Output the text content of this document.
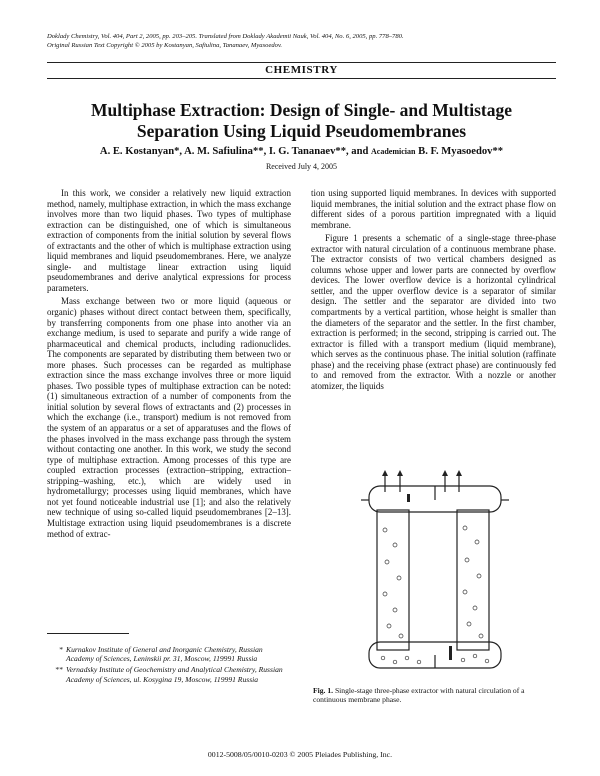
Doklady Chemistry, Vol. 404, Part 2, 2005, pp. 203–205. Translated from Doklady Akademii Nauk, Vol. 404, No. 6, 2005, pp. 778–780.
Original Russian Text Copyright © 2005 by Kostanyan, Safiulina, Tananaev, Myasoedov.
CHEMISTRY
Multiphase Extraction: Design of Single- and Multistage
Separation Using Liquid Pseudomembranes
A. E. Kostanyan*, A. M. Safiulina**, I. G. Tananaev**, and Academician B. F. Myasoedov**
Received July 4, 2005

In this work, we consider a relatively new liquid extraction method, namely, multiphase extraction, in which the mass exchange involves more than two liquid phases. Two types of multiphase extraction can be distinguished, one of which is simultaneous extraction of components from the initial solution by several flows of extractants and the other of which is multiphase extraction using liquid membranes and liquid pseudomembranes. Here, we analyze single- and multistage linear extraction using liquid pseudomembranes and derive analytical expressions for process parameters.

Mass exchange between two or more liquid (aqueous or organic) phases without direct contact between them, specifically, by transferring components from one phase into another via an exchange medium, is used to separate and purify a wide range of pharmaceutical and chemical products, including radionuclides. The components are separated by distributing them between two or more phases. Such processes can be regarded as multiphase extraction since the mass exchange involves three or more liquid phases. Two possible types of multiphase extraction can be noted: (1) simultaneous extraction of a number of components from the initial solution by several flows of extractants and (2) processes in which the exchange (i.e., transport) medium is not removed from the system of an apparatus or a set of apparatuses and the flows of the phases involved in the mass exchange pass through the system without contacting one another. In this work, we study the second type of multiphase extraction. Among processes of this type are coupled extraction processes (extraction–stripping, extraction–stripping–washing, etc.), which are widely used in hydrometallurgy; processes using liquid membranes, which have not yet found noticeable industrial use [1]; and also the relatively new technique of using so-called liquid pseudomembranes [2–13]. Multistage extraction using liquid pseudomembranes is a discrete method of extrac-

tion using supported liquid membranes. In devices with supported liquid membranes, the initial solution and the extract phase flow on different sides of a porous partition impregnated with a liquid membrane.

Figure 1 presents a schematic of a single-stage three-phase extractor with natural circulation of a continuous membrane phase. The extractor consists of two vertical chambers designed as columns whose upper and lower parts are connected by overflow devices. The lower overflow device is a horizontal cylindrical settler, and the upper overflow device is a separator of similar design. The settler and the separator are divided into two compartments by a vertical partition, whose height is smaller than the diameters of the separator and the settler. In the first chamber, extraction is performed; in the second, stripping is carried out. The extractor is filled with a transport medium (liquid membrane), which serves as the continuous phase. The initial solution (raffinate phase) and the receiving phase (extract phase) are continuously fed to and removed from the extractor. With a nozzle or another atomizer, the liquids

* Kurnakov Institute of General and Inorganic Chemistry, Russian Academy of Sciences, Leninskii pr. 31, Moscow, 119991 Russia
** Vernadsky Institute of Geochemistry and Analytical Chemistry, Russian Academy of Sciences, ul. Kosygina 19, Moscow, 119991 Russia
Fig. 1. Single-stage three-phase extractor with natural circulation of a continuous membrane phase.
0012-5008/05/0010-0203 © 2005 Pleiades Publishing, Inc.
